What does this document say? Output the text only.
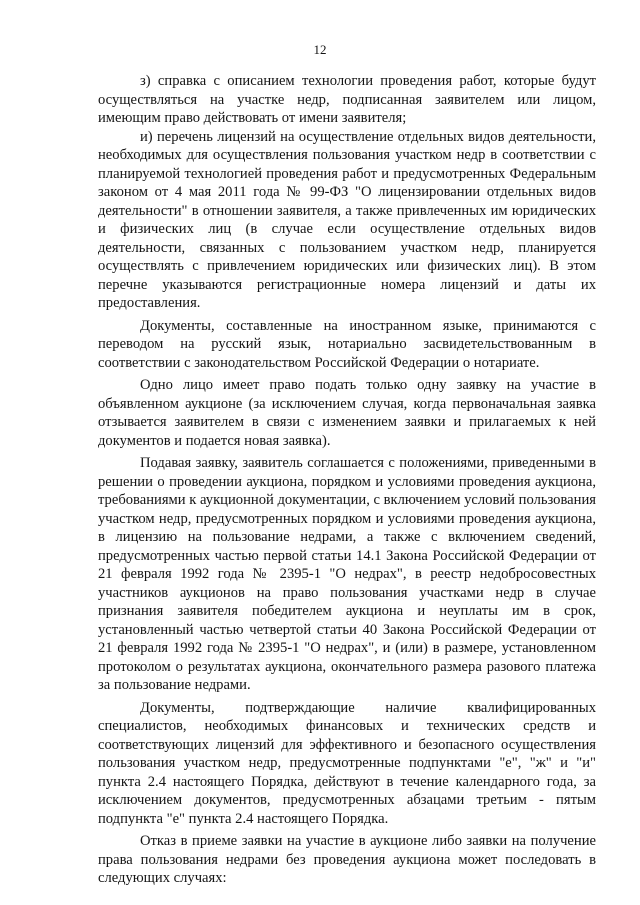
12

з) справка с описанием технологии проведения работ, которые будут осуществляться на участке недр, подписанная заявителем или лицом, имеющим право действовать от имени заявителя;

и) перечень лицензий на осуществление отдельных видов деятельности, необходимых для осуществления пользования участком недр в соответствии с планируемой технологией проведения работ и предусмотренных Федеральным законом от 4 мая 2011 года № 99-ФЗ "О лицензировании отдельных видов деятельности" в отношении заявителя, а также привлеченных им юридических и физических лиц (в случае если осуществление отдельных видов деятельности, связанных с пользованием участком недр, планируется осуществлять с привлечением юридических или физических лиц). В этом перечне указываются регистрационные номера лицензий и даты их предоставления.

Документы, составленные на иностранном языке, принимаются с переводом на русский язык, нотариально засвидетельствованным в соответствии с законодательством Российской Федерации о нотариате.

Одно лицо имеет право подать только одну заявку на участие в объявленном аукционе (за исключением случая, когда первоначальная заявка отзывается заявителем в связи с изменением заявки и прилагаемых к ней документов и подается новая заявка).

Подавая заявку, заявитель соглашается с положениями, приведенными в решении о проведении аукциона, порядком и условиями проведения аукциона, требованиями к аукционной документации, с включением условий пользования участком недр, предусмотренных порядком и условиями проведения аукциона, в лицензию на пользование недрами, а также с включением сведений, предусмотренных частью первой статьи 14.1 Закона Российской Федерации от 21 февраля 1992 года № 2395-1 "О недрах", в реестр недобросовестных участников аукционов на право пользования участками недр в случае признания заявителя победителем аукциона и неуплаты им в срок, установленный частью четвертой статьи 40 Закона Российской Федерации от 21 февраля 1992 года № 2395-1 "О недрах", и (или) в размере, установленном протоколом о результатах аукциона, окончательного размера разового платежа за пользование недрами.

Документы, подтверждающие наличие квалифицированных специалистов, необходимых финансовых и технических средств и соответствующих лицензий для эффективного и безопасного осуществления пользования участком недр, предусмотренные подпунктами "е", "ж" и "и" пункта 2.4 настоящего Порядка, действуют в течение календарного года, за исключением документов, предусмотренных абзацами третьим - пятым подпункта "е" пункта 2.4 настоящего Порядка.

Отказ в приеме заявки на участие в аукционе либо заявки на получение права пользования недрами без проведения аукциона может последовать в следующих случаях:
